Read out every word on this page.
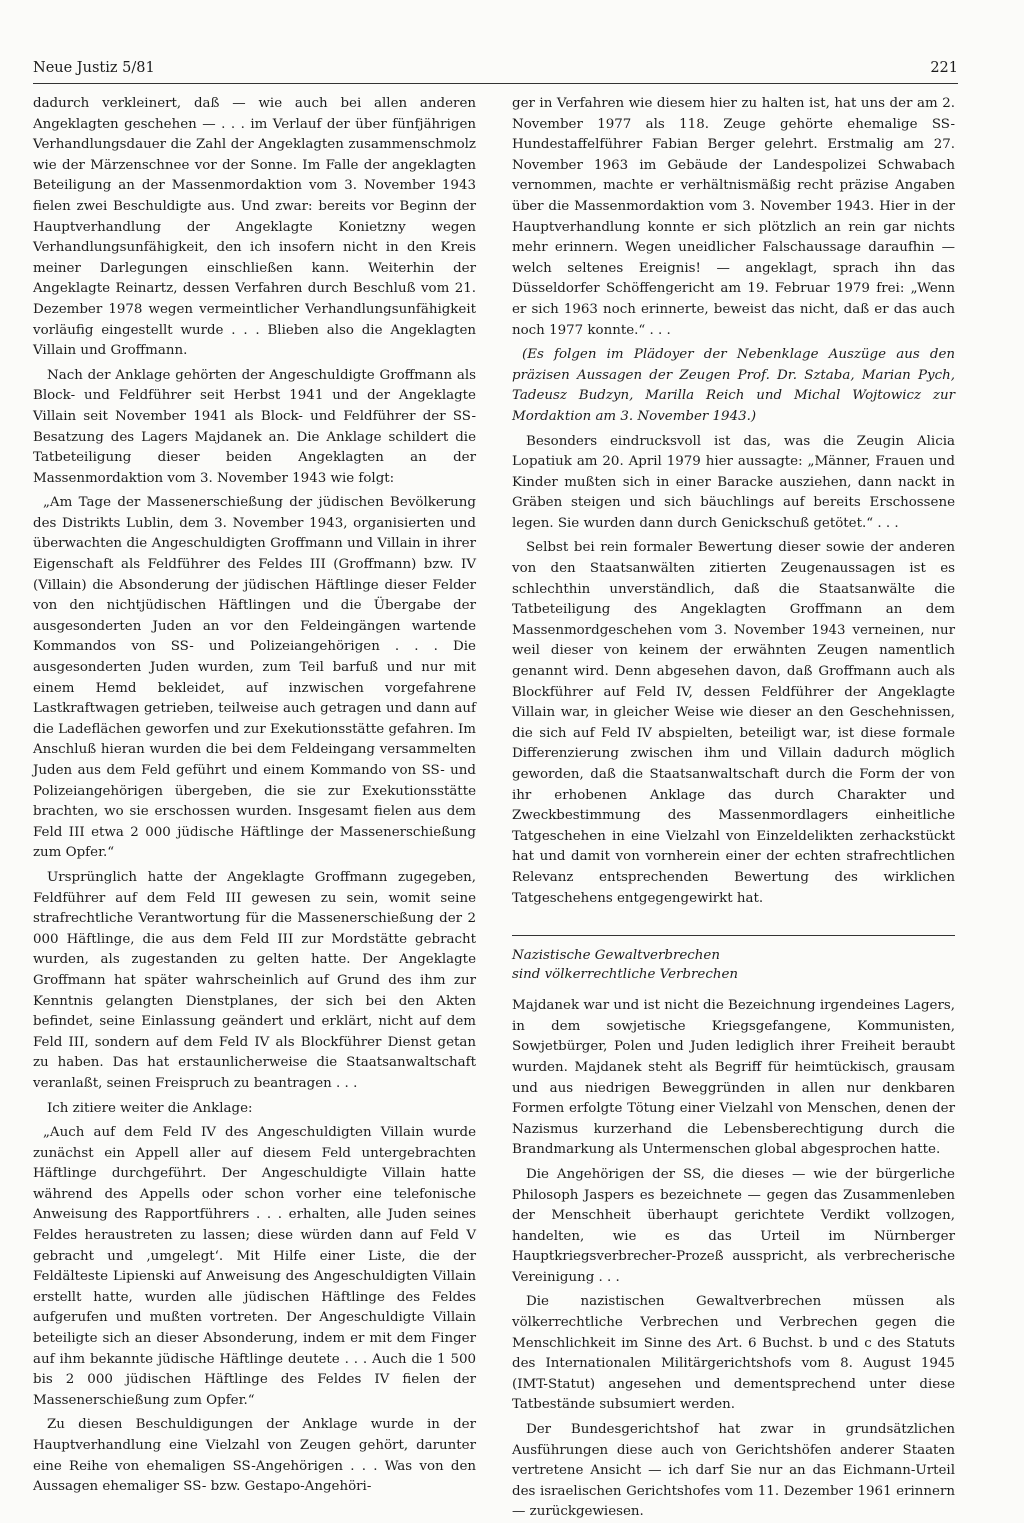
Neue Justiz 5/81	221

dadurch verkleinert, daß — wie auch bei allen anderen Angeklagten geschehen — . . . im Verlauf der über fünfjährigen Verhandlungsdauer die Zahl der Angeklagten zusammenschmolz wie der Märzenschnee vor der Sonne. Im Falle der angeklagten Beteiligung an der Massenmordaktion vom 3. November 1943 fielen zwei Beschuldigte aus. Und zwar: bereits vor Beginn der Hauptverhandlung der Angeklagte Konietzny wegen Verhandlungsunfähigkeit, den ich insofern nicht in den Kreis meiner Darlegungen einschließen kann. Weiterhin der Angeklagte Reinartz, dessen Verfahren durch Beschluß vom 21. Dezember 1978 wegen vermeintlicher Verhandlungsunfähigkeit vorläufig eingestellt wurde . . . Blieben also die Angeklagten Villain und Groffmann.

Nach der Anklage gehörten der Angeschuldigte Groffmann als Block- und Feldführer seit Herbst 1941 und der Angeklagte Villain seit November 1941 als Block- und Feldführer der SS-Besatzung des Lagers Majdanek an. Die Anklage schildert die Tatbeteiligung dieser beiden Angeklagten an der Massenmordaktion vom 3. November 1943 wie folgt:

„Am Tage der Massenerschießung der jüdischen Bevölkerung des Distrikts Lublin, dem 3. November 1943, organisierten und überwachten die Angeschuldigten Groffmann und Villain in ihrer Eigenschaft als Feldführer des Feldes III (Groffmann) bzw. IV (Villain) die Absonderung der jüdischen Häftlinge dieser Felder von den nichtjüdischen Häftlingen und die Übergabe der ausgesonderten Juden an vor den Feldeingängen wartende Kommandos von SS- und Polizeiangehörigen . . . Die ausgesonderten Juden wurden, zum Teil barfuß und nur mit einem Hemd bekleidet, auf inzwischen vorgefahrene Lastkraftwagen getrieben, teilweise auch getragen und dann auf die Ladeflächen geworfen und zur Exekutionsstätte gefahren. Im Anschluß hieran wurden die bei dem Feldeingang versammelten Juden aus dem Feld geführt und einem Kommando von SS- und Polizeiangehörigen übergeben, die sie zur Exekutionsstätte brachten, wo sie erschossen wurden. Insgesamt fielen aus dem Feld III etwa 2 000 jüdische Häftlinge der Massenerschießung zum Opfer.“

Ursprünglich hatte der Angeklagte Groffmann zugegeben, Feldführer auf dem Feld III gewesen zu sein, womit seine strafrechtliche Verantwortung für die Massenerschießung der 2 000 Häftlinge, die aus dem Feld III zur Mordstätte gebracht wurden, als zugestanden zu gelten hatte. Der Angeklagte Groffmann hat später wahrscheinlich auf Grund des ihm zur Kenntnis gelangten Dienstplanes, der sich bei den Akten befindet, seine Einlassung geändert und erklärt, nicht auf dem Feld III, sondern auf dem Feld IV als Blockführer Dienst getan zu haben. Das hat erstaunlicherweise die Staatsanwaltschaft veranlaßt, seinen Freispruch zu beantragen . . .

Ich zitiere weiter die Anklage:

„Auch auf dem Feld IV des Angeschuldigten Villain wurde zunächst ein Appell aller auf diesem Feld untergebrachten Häftlinge durchgeführt. Der Angeschuldigte Villain hatte während des Appells oder schon vorher eine telefonische Anweisung des Rapportführers . . . erhalten, alle Juden seines Feldes heraustreten zu lassen; diese würden dann auf Feld V gebracht und ‚umgelegt‘. Mit Hilfe einer Liste, die der Feldälteste Lipienski auf Anweisung des Angeschuldigten Villain erstellt hatte, wurden alle jüdischen Häftlinge des Feldes aufgerufen und mußten vortreten. Der Angeschuldigte Villain beteiligte sich an dieser Absonderung, indem er mit dem Finger auf ihm bekannte jüdische Häftlinge deutete . . . Auch die 1 500 bis 2 000 jüdischen Häftlinge des Feldes IV fielen der Massenerschießung zum Opfer.“

Zu diesen Beschuldigungen der Anklage wurde in der Hauptverhandlung eine Vielzahl von Zeugen gehört, darunter eine Reihe von ehemaligen SS-Angehörigen . . . Was von den Aussagen ehemaliger SS- bzw. Gestapo-Angehöri-

ger in Verfahren wie diesem hier zu halten ist, hat uns der am 2. November 1977 als 118. Zeuge gehörte ehemalige SS-Hundestaffelführer Fabian Berger gelehrt. Erstmalig am 27. November 1963 im Gebäude der Landespolizei Schwabach vernommen, machte er verhältnismäßig recht präzise Angaben über die Massenmordaktion vom 3. November 1943. Hier in der Hauptverhandlung konnte er sich plötzlich an rein gar nichts mehr erinnern. Wegen uneidlicher Falschaussage daraufhin — welch seltenes Ereignis! — angeklagt, sprach ihn das Düsseldorfer Schöffengericht am 19. Februar 1979 frei: „Wenn er sich 1963 noch erinnerte, beweist das nicht, daß er das auch noch 1977 konnte.“ . . .

(Es folgen im Plädoyer der Nebenklage Auszüge aus den präzisen Aussagen der Zeugen Prof. Dr. Sztaba, Marian Pych, Tadeusz Budzyn, Marilla Reich und Michal Wojtowicz zur Mordaktion am 3. November 1943.)

Besonders eindrucksvoll ist das, was die Zeugin Alicia Lopatiuk am 20. April 1979 hier aussagte: „Männer, Frauen und Kinder mußten sich in einer Baracke ausziehen, dann nackt in Gräben steigen und sich bäuchlings auf bereits Erschossene legen. Sie wurden dann durch Genickschuß getötet.“ . . .

Selbst bei rein formaler Bewertung dieser sowie der anderen von den Staatsanwälten zitierten Zeugenaussagen ist es schlechthin unverständlich, daß die Staatsanwälte die Tatbeteiligung des Angeklagten Groffmann an dem Massenmordgeschehen vom 3. November 1943 verneinen, nur weil dieser von keinem der erwähnten Zeugen namentlich genannt wird. Denn abgesehen davon, daß Groffmann auch als Blockführer auf Feld IV, dessen Feldführer der Angeklagte Villain war, in gleicher Weise wie dieser an den Geschehnissen, die sich auf Feld IV abspielten, beteiligt war, ist diese formale Differenzierung zwischen ihm und Villain dadurch möglich geworden, daß die Staatsanwaltschaft durch die Form der von ihr erhobenen Anklage das durch Charakter und Zweckbestimmung des Massenmordlagers einheitliche Tatgeschehen in eine Vielzahl von Einzeldelikten zerhackstückt hat und damit von vornherein einer der echten strafrechtlichen Relevanz entsprechenden Bewertung des wirklichen Tatgeschehens entgegengewirkt hat.

Nazistische Gewaltverbrechen
sind völkerrechtliche Verbrechen

Majdanek war und ist nicht die Bezeichnung irgendeines Lagers, in dem sowjetische Kriegsgefangene, Kommunisten, Sowjetbürger, Polen und Juden lediglich ihrer Freiheit beraubt wurden. Majdanek steht als Begriff für heimtückisch, grausam und aus niedrigen Beweggründen in allen nur denkbaren Formen erfolgte Tötung einer Vielzahl von Menschen, denen der Nazismus kurzerhand die Lebensberechtigung durch die Brandmarkung als Untermenschen global abgesprochen hatte.

Die Angehörigen der SS, die dieses — wie der bürgerliche Philosoph Jaspers es bezeichnete — gegen das Zusammenleben der Menschheit überhaupt gerichtete Verdikt vollzogen, handelten, wie es das Urteil im Nürnberger Hauptkriegsverbrecher-Prozeß ausspricht, als verbrecherische Vereinigung . . .

Die nazistischen Gewaltverbrechen müssen als völkerrechtliche Verbrechen und Verbrechen gegen die Menschlichkeit im Sinne des Art. 6 Buchst. b und c des Statuts des Internationalen Militärgerichtshofs vom 8. August 1945 (IMT-Statut) angesehen und dementsprechend unter diese Tatbestände subsumiert werden.

Der Bundesgerichtshof hat zwar in grundsätzlichen Ausführungen diese auch von Gerichtshöfen anderer Staaten vertretene Ansicht — ich darf Sie nur an das Eichmann-Urteil des israelischen Gerichtshofes vom 11. Dezember 1961 erinnern — zurückgewiesen.
